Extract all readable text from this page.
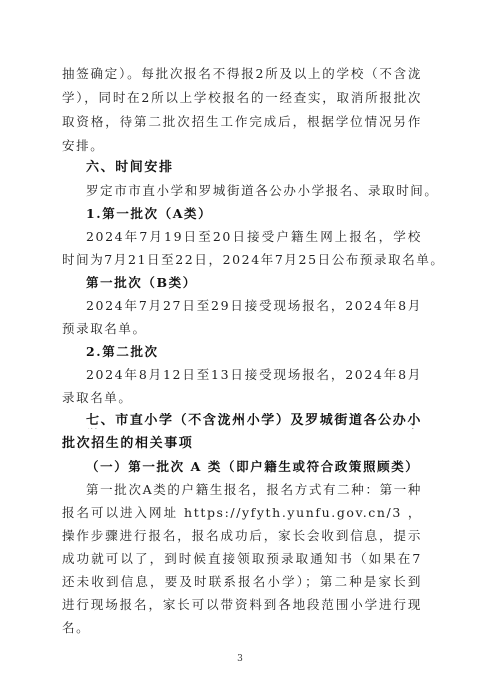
抽签确定）。每批次报名不得报2所及以上的学校（不含泷
学），同时在2所以上学校报名的一经查实，取消所报批次
取资格，待第二批次招生工作完成后，根据学位情况另作
安排。
六、时间安排
罗定市市直小学和罗城街道各公办小学报名、录取时间。
1.第一批次（A类）
2024年7月19日至20日接受户籍生网上报名，学校
时间为7月21日至22日，2024年7月25日公布预录取名单。
第一批次（B类）
2024年7月27日至29日接受现场报名，2024年8月
预录取名单。
2.第二批次
2024年8月12日至13日接受现场报名，2024年8月
录取名单。
七、市直小学（不含泷州小学）及罗城街道各公办小
批次招生的相关事项
（一）第一批次 A 类（即户籍生或符合政策照顾类）
第一批次A类的户籍生报名，报名方式有二种：第一种
报名可以进入网址 https://yfyth.yunfu.gov.cn/3 ，
操作步骤进行报名，报名成功后，家长会收到信息，提示
成功就可以了，到时候直接领取预录取通知书（如果在7
还未收到信息，要及时联系报名小学）；第二种是家长到
进行现场报名，家长可以带资料到各地段范围小学进行现
名。
3
